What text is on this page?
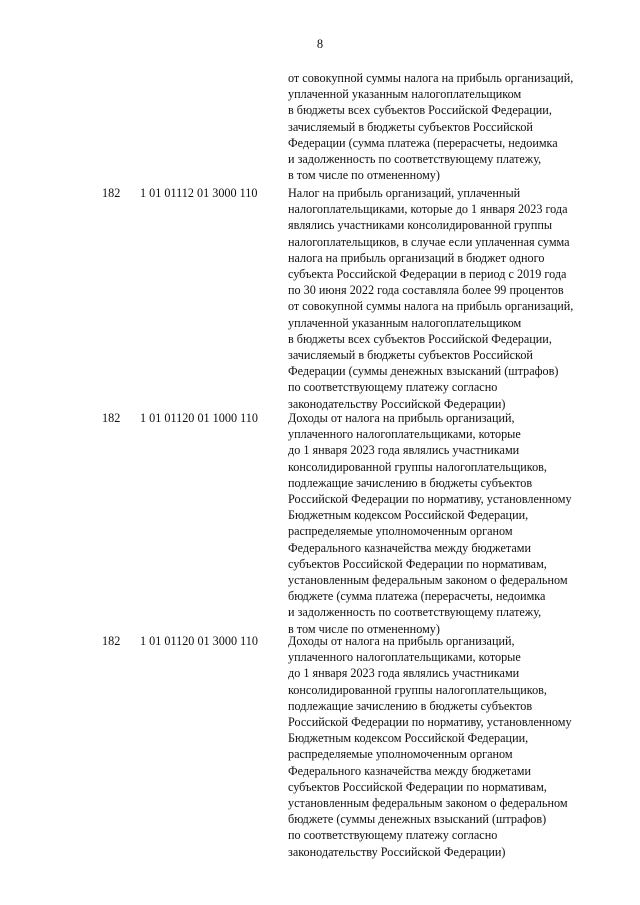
8
от совокупной суммы налога на прибыль организаций,
уплаченной указанным налогоплательщиком
в бюджеты всех субъектов Российской Федерации,
зачисляемый в бюджеты субъектов Российской
Федерации (сумма платежа (перерасчеты, недоимка
и задолженность по соответствующему платежу,
в том числе по отмененному)
182 1 01 01112 01 3000 110	Налог на прибыль организаций, уплаченный
налогоплательщиками, которые до 1 января 2023 года
являлись участниками консолидированной группы
налогоплательщиков, в случае если уплаченная сумма
налога на прибыль организаций в бюджет одного
субъекта Российской Федерации в период с 2019 года
по 30 июня 2022 года составляла более 99 процентов
от совокупной суммы налога на прибыль организаций,
уплаченной указанным налогоплательщиком
в бюджеты всех субъектов Российской Федерации,
зачисляемый в бюджеты субъектов Российской
Федерации (суммы денежных взысканий (штрафов)
по соответствующему платежу согласно
законодательству Российской Федерации)
182 1 01 01120 01 1000 110 Доходы от налога на прибыль организаций,
уплаченного налогоплательщиками, которые
до 1 января 2023 года являлись участниками
консолидированной группы налогоплательщиков,
подлежащие зачислению в бюджеты субъектов
Российской Федерации по нормативу, установленному
Бюджетным кодексом Российской Федерации,
распределяемые уполномоченным органом
Федерального казначейства между бюджетами
субъектов Российской Федерации по нормативам,
установленным федеральным законом о федеральном
бюджете (сумма платежа (перерасчеты, недоимка
и задолженность по соответствующему платежу,
в том числе по отмененному)
182 1 01 01120 01 3000 110 Доходы от налога на прибыль организаций,
уплаченного налогоплательщиками, которые
до 1 января 2023 года являлись участниками
консолидированной группы налогоплательщиков,
подлежащие зачислению в бюджеты субъектов
Российской Федерации по нормативу, установленному
Бюджетным кодексом Российской Федерации,
распределяемые уполномоченным органом
Федерального казначейства между бюджетами
субъектов Российской Федерации по нормативам,
установленным федеральным законом о федеральном
бюджете (суммы денежных взысканий (штрафов)
по соответствующему платежу согласно
законодательству Российской Федерации)
